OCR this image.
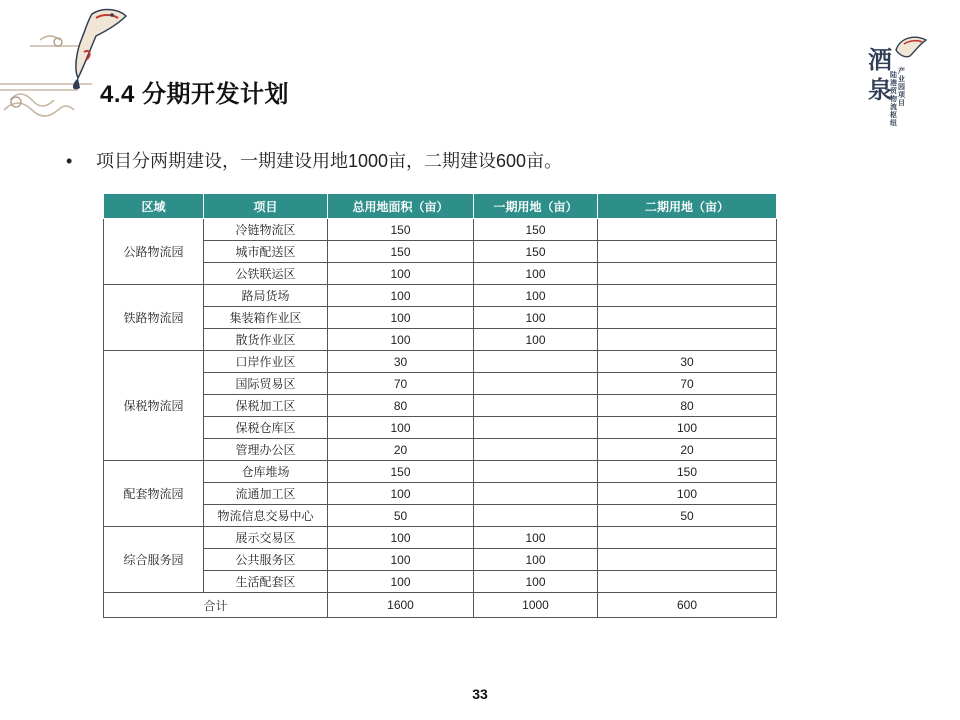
酒
泉
产业园项目
陆港贸物流枢纽
4.4 分期开发计划
• 项目分两期建设，一期建设用地1000亩，二期建设600亩。
区域	项目	总用地面积（亩）	一期用地（亩）	二期用地（亩）
公路物流园	冷链物流区	150	150	
	城市配送区	150	150	
	公铁联运区	100	100	
铁路物流园	路局货场	100	100	
	集装箱作业区	100	100	
	散货作业区	100	100	
保税物流园	口岸作业区	30		30
	国际贸易区	70		70
	保税加工区	80		80
	保税仓库区	100		100
	管理办公区	20		20
配套物流园	仓库堆场	150		150
	流通加工区	100		100
	物流信息交易中心	50		50
综合服务园	展示交易区	100	100	
	公共服务区	100	100	
	生活配套区	100	100	
合计		1600	1000	600
33
